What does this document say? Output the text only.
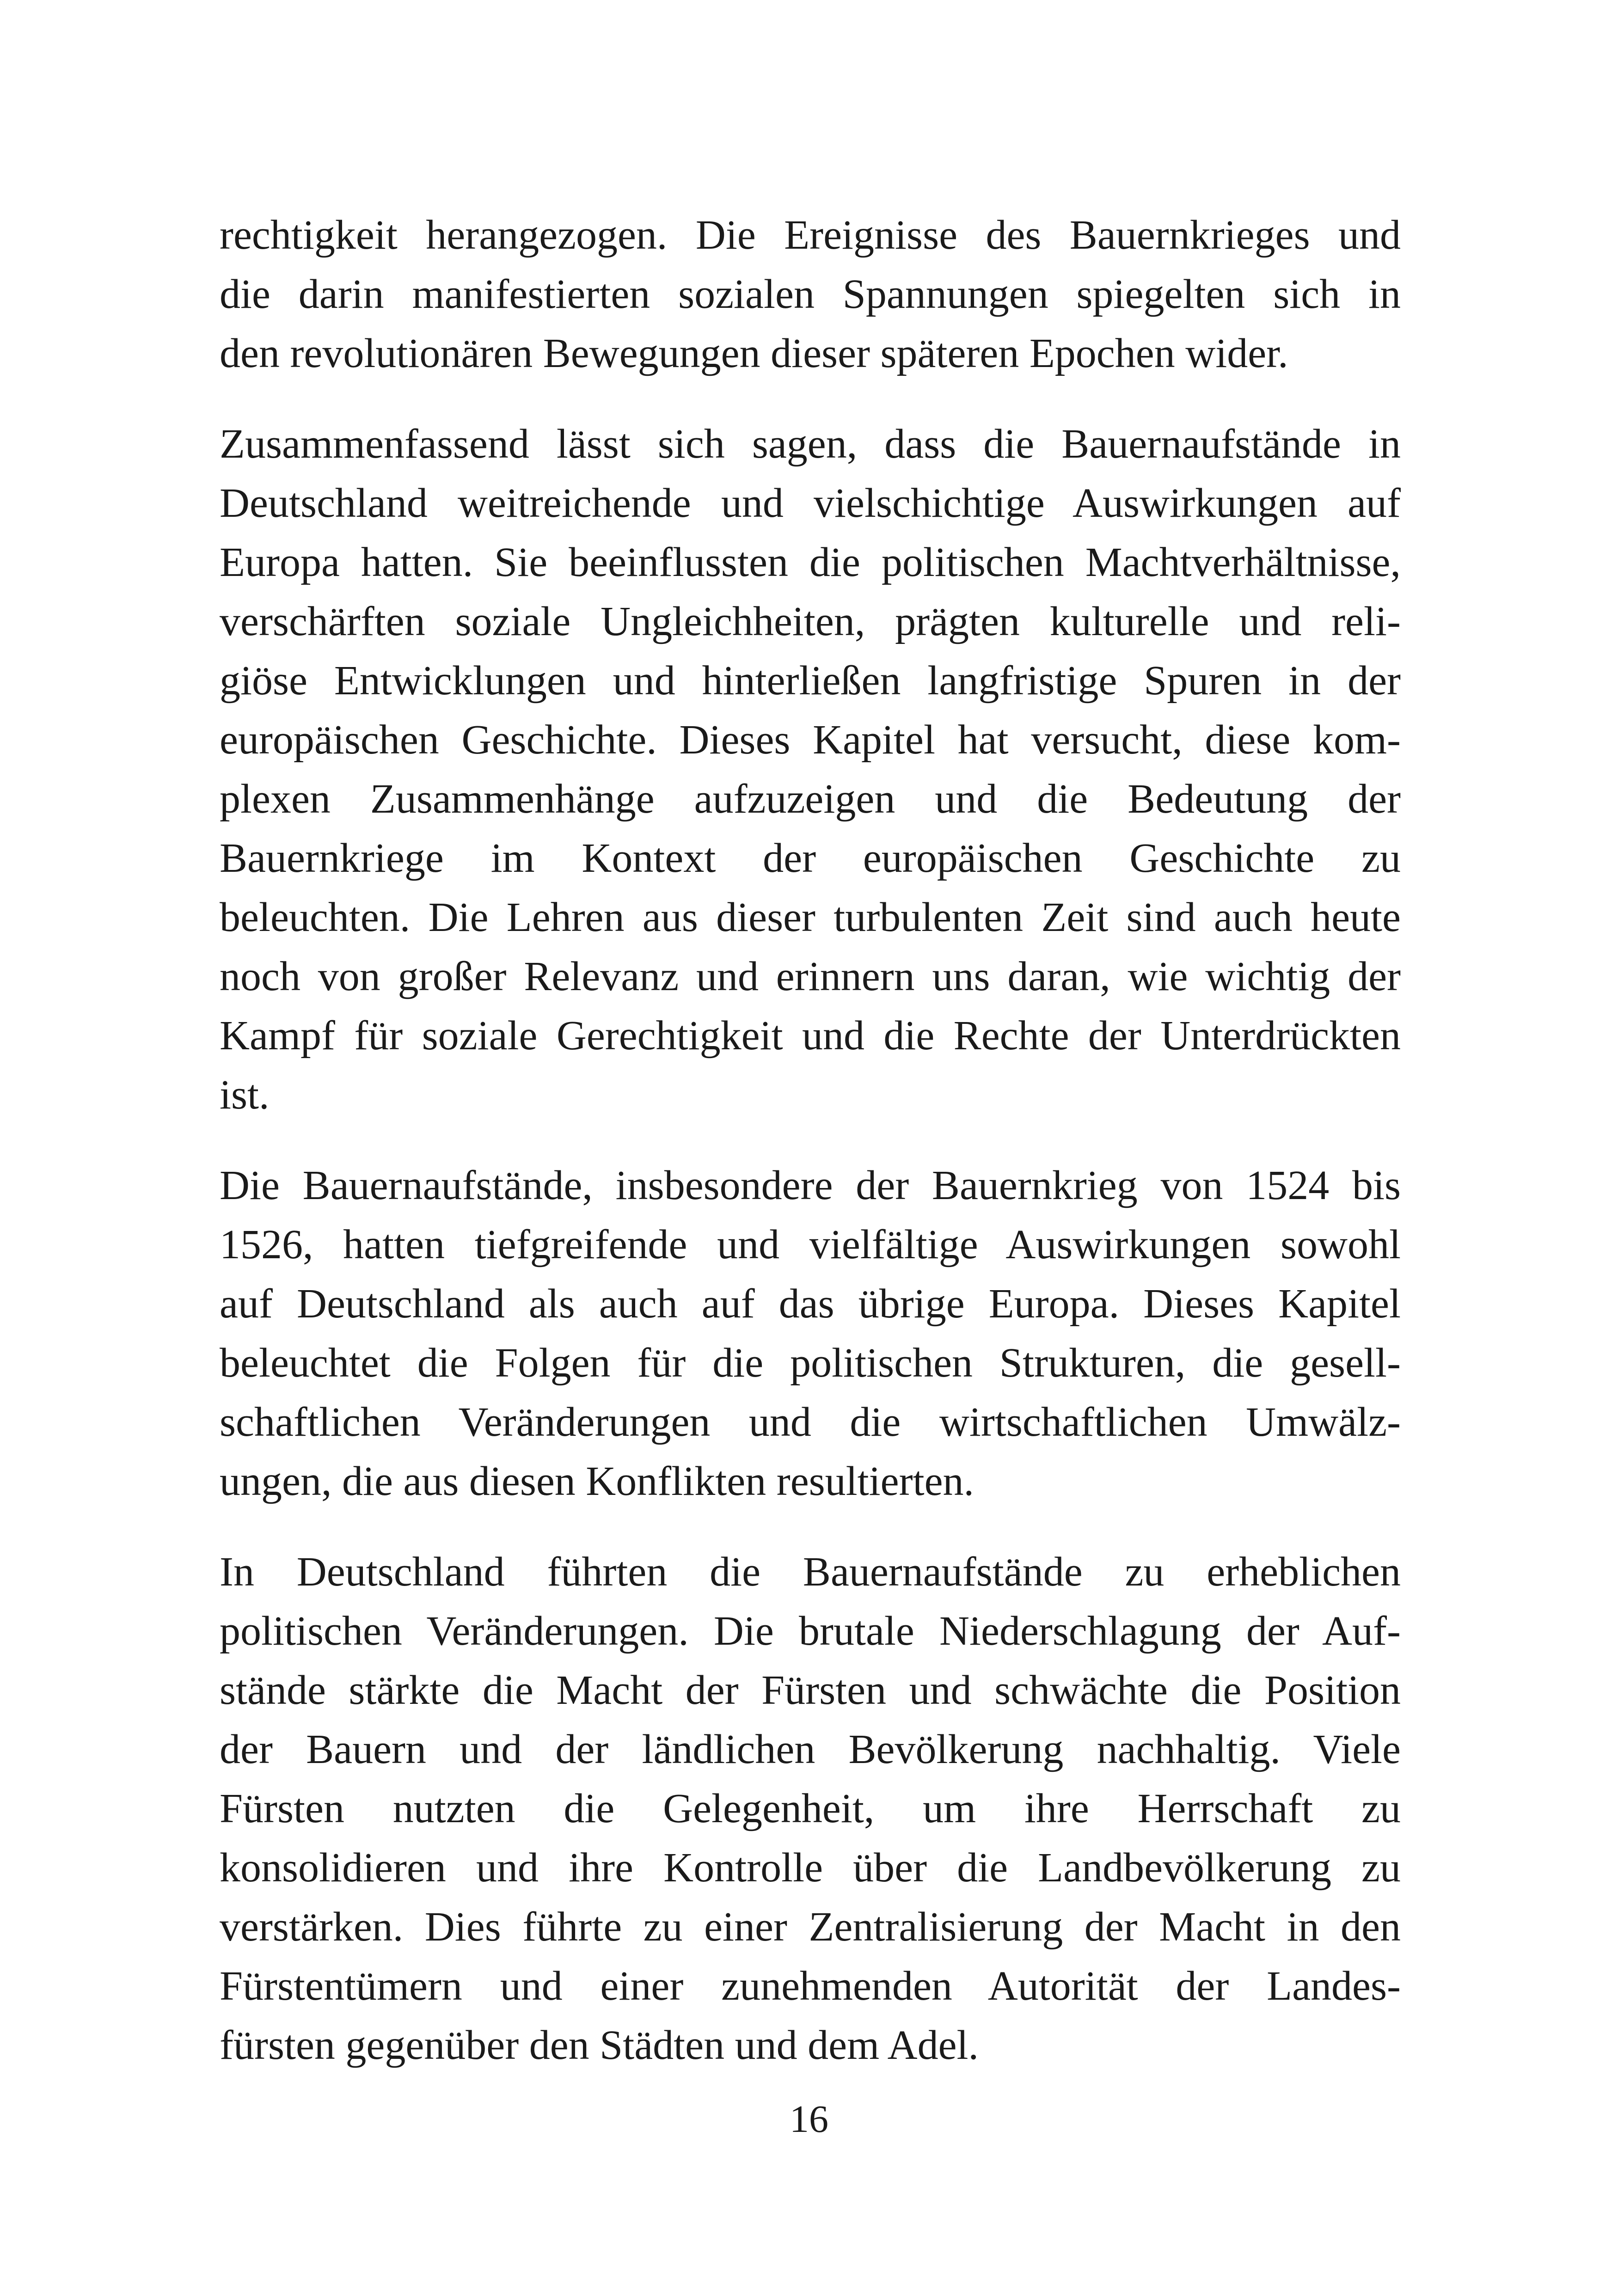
rechtigkeit herangezogen. Die Ereignisse des Bauernkrieges und
die darin manifestierten sozialen Spannungen spiegelten sich in
den revolutionären Bewegungen dieser späteren Epochen wider.
Zusammenfassend lässt sich sagen, dass die Bauernaufstände in
Deutschland weitreichende und vielschichtige Auswirkungen auf
Europa hatten. Sie beeinflussten die politischen Machtverhältnisse,
verschärften soziale Ungleichheiten, prägten kulturelle und reli-
giöse Entwicklungen und hinterließen langfristige Spuren in der
europäischen Geschichte. Dieses Kapitel hat versucht, diese kom-
plexen Zusammenhänge aufzuzeigen und die Bedeutung der
Bauernkriege im Kontext der europäischen Geschichte zu
beleuchten. Die Lehren aus dieser turbulenten Zeit sind auch heute
noch von großer Relevanz und erinnern uns daran, wie wichtig der
Kampf für soziale Gerechtigkeit und die Rechte der Unterdrückten
ist.
Die Bauernaufstände, insbesondere der Bauernkrieg von 1524 bis
1526, hatten tiefgreifende und vielfältige Auswirkungen sowohl
auf Deutschland als auch auf das übrige Europa. Dieses Kapitel
beleuchtet die Folgen für die politischen Strukturen, die gesell-
schaftlichen Veränderungen und die wirtschaftlichen Umwälz-
ungen, die aus diesen Konflikten resultierten.
In Deutschland führten die Bauernaufstände zu erheblichen
politischen Veränderungen. Die brutale Niederschlagung der Auf-
stände stärkte die Macht der Fürsten und schwächte die Position
der Bauern und der ländlichen Bevölkerung nachhaltig. Viele
Fürsten nutzten die Gelegenheit, um ihre Herrschaft zu
konsolidieren und ihre Kontrolle über die Landbevölkerung zu
verstärken. Dies führte zu einer Zentralisierung der Macht in den
Fürstentümern und einer zunehmenden Autorität der Landes-
fürsten gegenüber den Städten und dem Adel.
16
